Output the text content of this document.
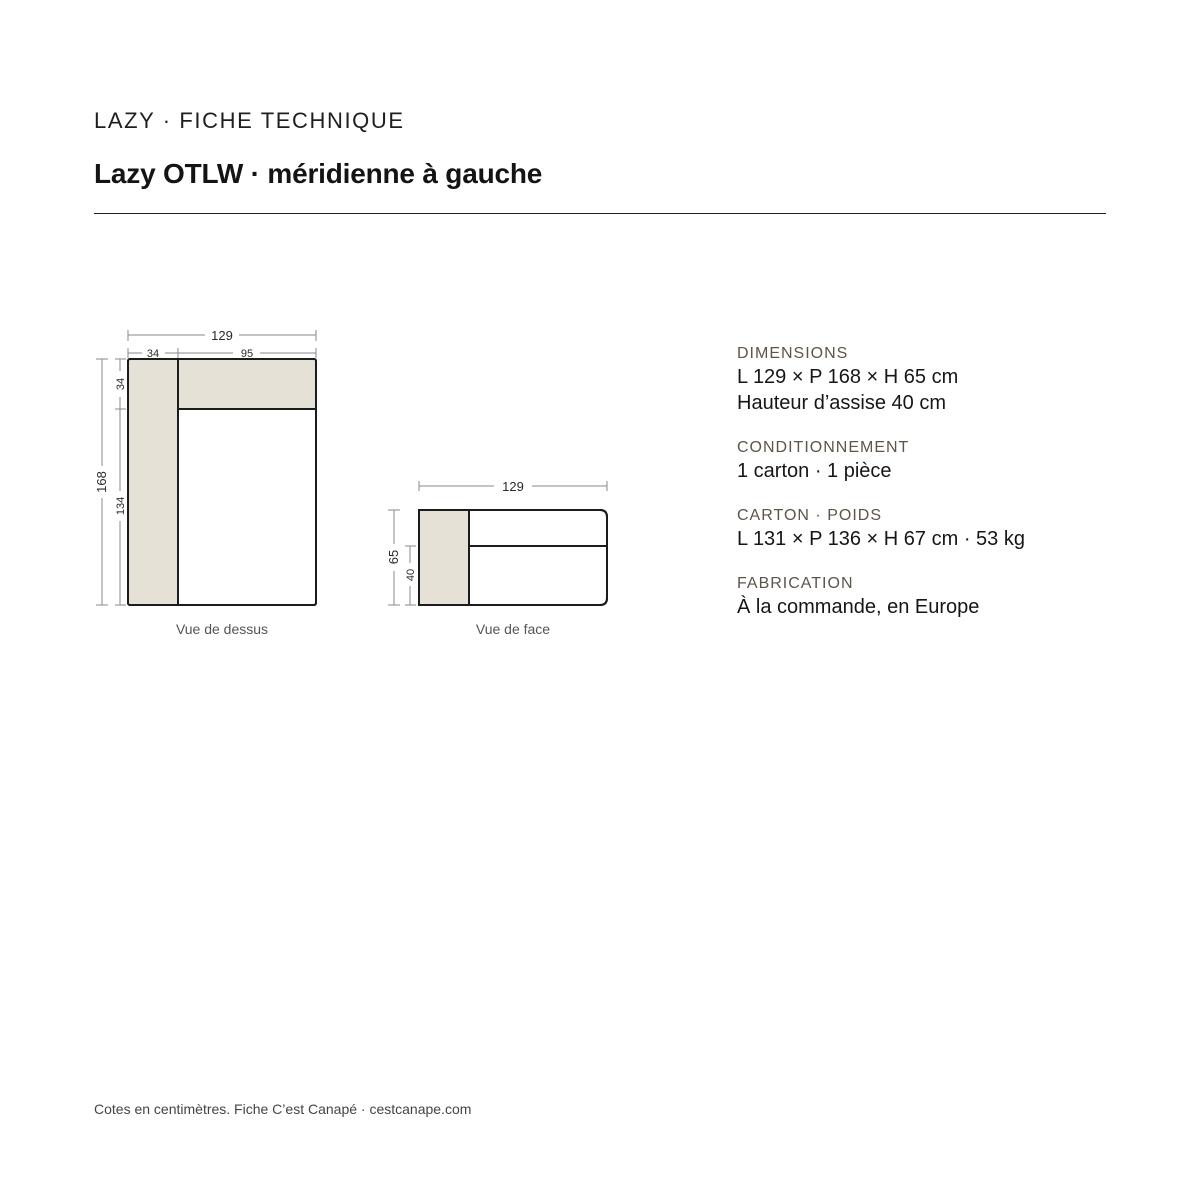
LAZY · FICHE TECHNIQUE
Lazy OTLW · méridienne à gauche
129
34	95
168
34
134
129
65
40
Vue de dessus	Vue de face
DIMENSIONS
L 129 × P 168 × H 65 cm
Hauteur d’assise 40 cm
CONDITIONNEMENT
1 carton · 1 pièce
CARTON · POIDS
L 131 × P 136 × H 67 cm · 53 kg
FABRICATION
À la commande, en Europe
Cotes en centimètres. Fiche C’est Canapé · cestcanape.com
